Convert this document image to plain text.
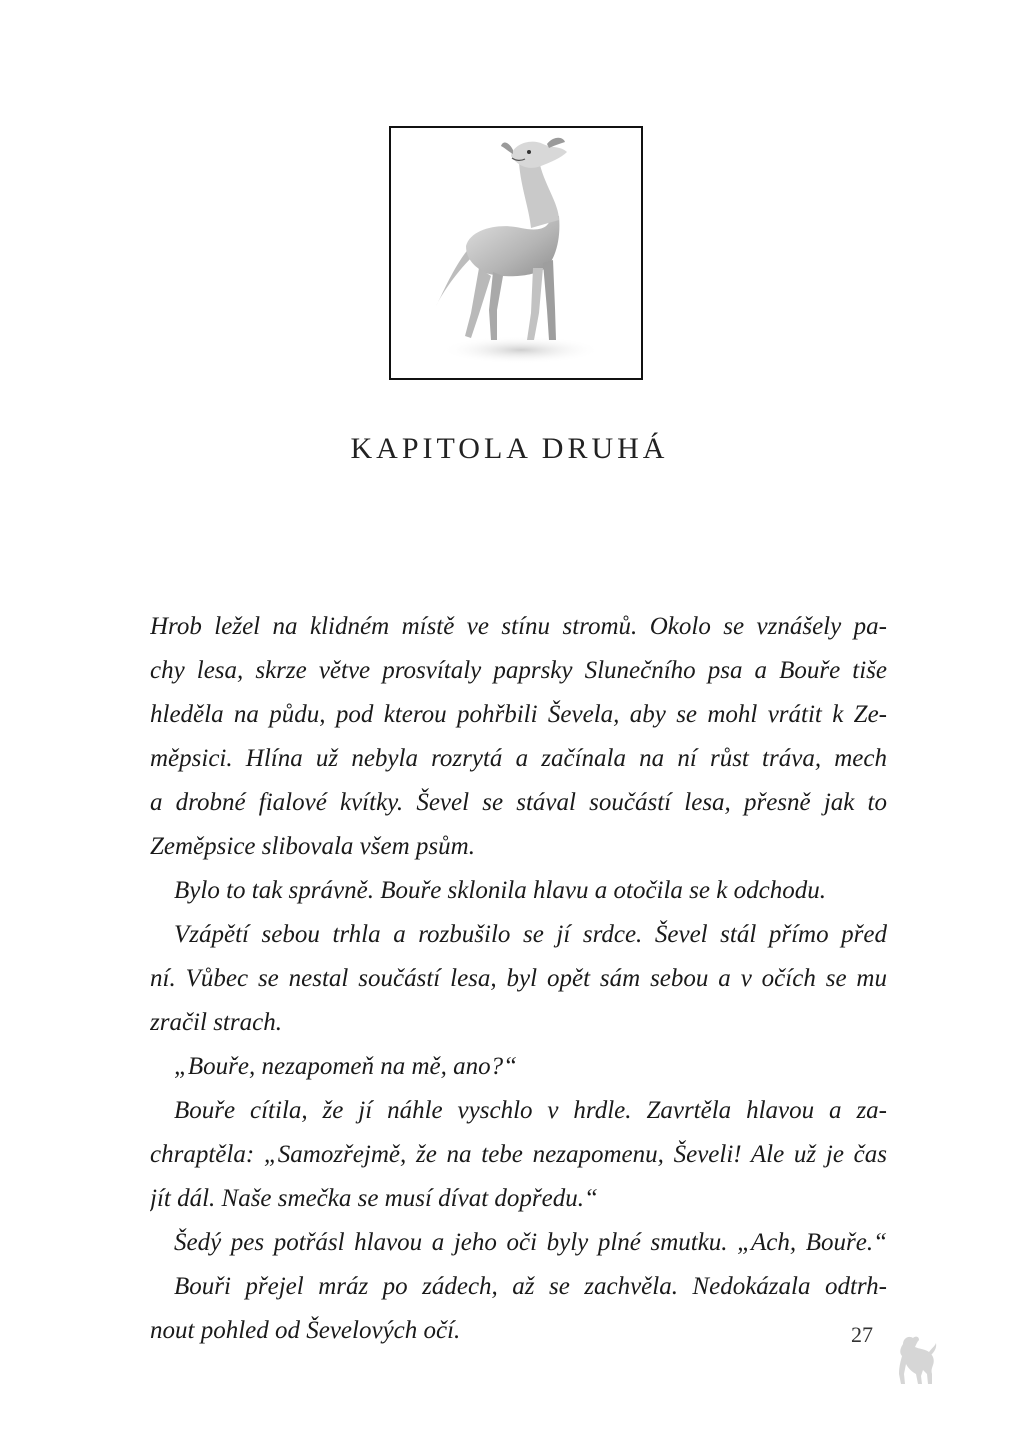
KAPITOLA DRUHÁ
Hrob ležel na klidném místě ve stínu stromů. Okolo se vznášely pa-
chy lesa, skrze větve prosvítaly paprsky Slunečního psa a Bouře tiše
hleděla na půdu, pod kterou pohřbili Ševela, aby se mohl vrátit k Ze-
měpsici. Hlína už nebyla rozrytá a začínala na ní růst tráva, mech
a drobné fialové kvítky. Ševel se stával součástí lesa, přesně jak to
Zeměpsice slibovala všem psům.
Bylo to tak správně. Bouře sklonila hlavu a otočila se k odchodu.
Vzápětí sebou trhla a rozbušilo se jí srdce. Ševel stál přímo před
ní. Vůbec se nestal součástí lesa, byl opět sám sebou a v očích se mu
zračil strach.
„Bouře, nezapomeň na mě, ano?“
Bouře cítila, že jí náhle vyschlo v hrdle. Zavrtěla hlavou a za-
chraptěla: „Samozřejmě, že na tebe nezapomenu, Ševeli! Ale už je čas
jít dál. Naše smečka se musí dívat dopředu.“
Šedý pes potřásl hlavou a jeho oči byly plné smutku. „Ach, Bouře.“
Bouři přejel mráz po zádech, až se zachvěla. Nedokázala odtrh-
nout pohled od Ševelových očí.	27
